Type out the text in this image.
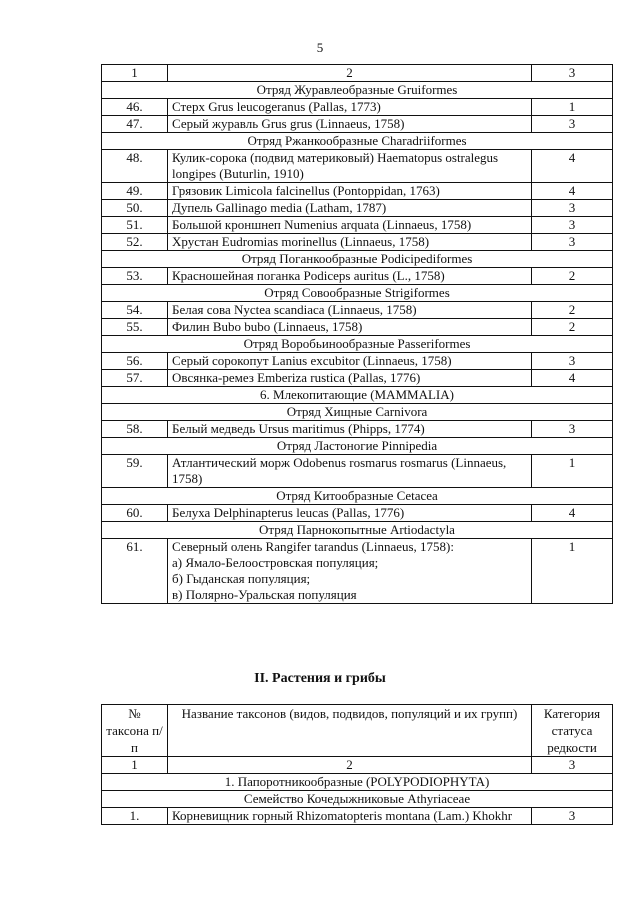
5
1	2	3
Отряд Журавлеобразные Gruiformes		
46.	Стерх Grus leucogeranus (Pallas, 1773)	1
47.	Серый журавль Grus grus (Linnaeus, 1758)	3
Отряд Ржанкообразные Charadriiformes		
48.	Кулик-сорока (подвид материковый) Haematopus ostralegus longipes (Buturlin, 1910)	4
49.	Грязовик Limicola falcinellus (Pontoppidan, 1763)	4
50.	Дупель Gallinago media (Latham, 1787)	3
51.	Большой кроншнеп Numenius arquata (Linnaeus, 1758)	3
52.	Хрустан Eudromias morinellus (Linnaeus, 1758)	3
Отряд Поганкообразные Podicipediformes		
53.	Красношейная поганка Podiceps auritus (L., 1758)	2
Отряд Совообразные Strigiformes		
54.	Белая сова Nyctea scandiaca (Linnaeus, 1758)	2
55.	Филин Bubo bubo (Linnaeus, 1758)	2
Отряд Воробьинообразные Passeriformes		
56.	Серый сорокопут Lanius excubitor (Linnaeus, 1758)	3
57.	Овсянка-ремез Emberiza rustica (Pallas, 1776)	4
6. Млекопитающие (MAMMALIA)		
Отряд Хищные Carnivora		
58.	Белый медведь Ursus maritimus (Phipps, 1774)	3
Отряд Ластоногие Pinnipedia		
59.	Атлантический морж Odobenus rosmarus rosmarus (Linnaeus, 1758)	1
Отряд Китообразные Cetacea		
60.	Белуха Delphinapterus leucas (Pallas, 1776)	4
Отряд Парнокопытные Artiodactyla		
61.	Северный олень Rangifer tarandus (Linnaeus, 1758):
а) Ямало-Белоостровская популяция;
б) Гыданская популяция;
в) Полярно-Уральская популяция	1
II. Растения и грибы
№ таксона п/п	Название таксонов (видов, подвидов, популяций и их групп)	Категория статуса редкости
1	2	3
1. Папоротникообразные (POLYPODIOPHYTA)		
Семейство Кочедыжниковые Athyriaceae		
1.	Корневищник горный Rhizomatopteris montana (Lam.) Khokhr	3
